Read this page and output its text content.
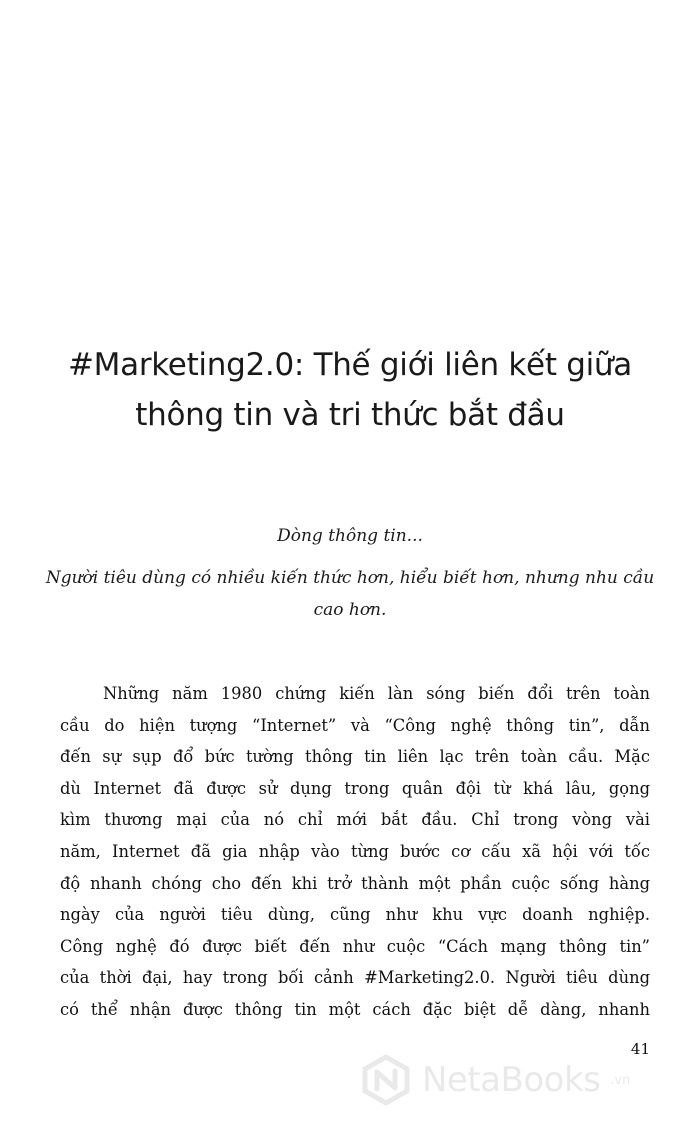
#Marketing2.0: Thế giới liên kết giữa
thông tin và tri thức bắt đầu
Dòng thông tin...
Người tiêu dùng có nhiều kiến thức hơn, hiểu biết hơn, nhưng nhu cầu
cao hơn.
Những năm 1980 chứng kiến làn sóng biến đổi trên toàn
cầu do hiện tượng “Internet” và “Công nghệ thông tin”, dẫn
đến sự sụp đổ bức tường thông tin liên lạc trên toàn cầu. Mặc
dù Internet đã được sử dụng trong quân đội từ khá lâu, gọng
kìm thương mại của nó chỉ mới bắt đầu. Chỉ trong vòng vài
năm, Internet đã gia nhập vào từng bước cơ cấu xã hội với tốc
độ nhanh chóng cho đến khi trở thành một phần cuộc sống hàng
ngày của người tiêu dùng, cũng như khu vực doanh nghiệp.
Công nghệ đó được biết đến như cuộc “Cách mạng thông tin”
của thời đại, hay trong bối cảnh #Marketing2.0. Người tiêu dùng
có thể nhận được thông tin một cách đặc biệt dễ dàng, nhanh
41
NetaBooks .vn
